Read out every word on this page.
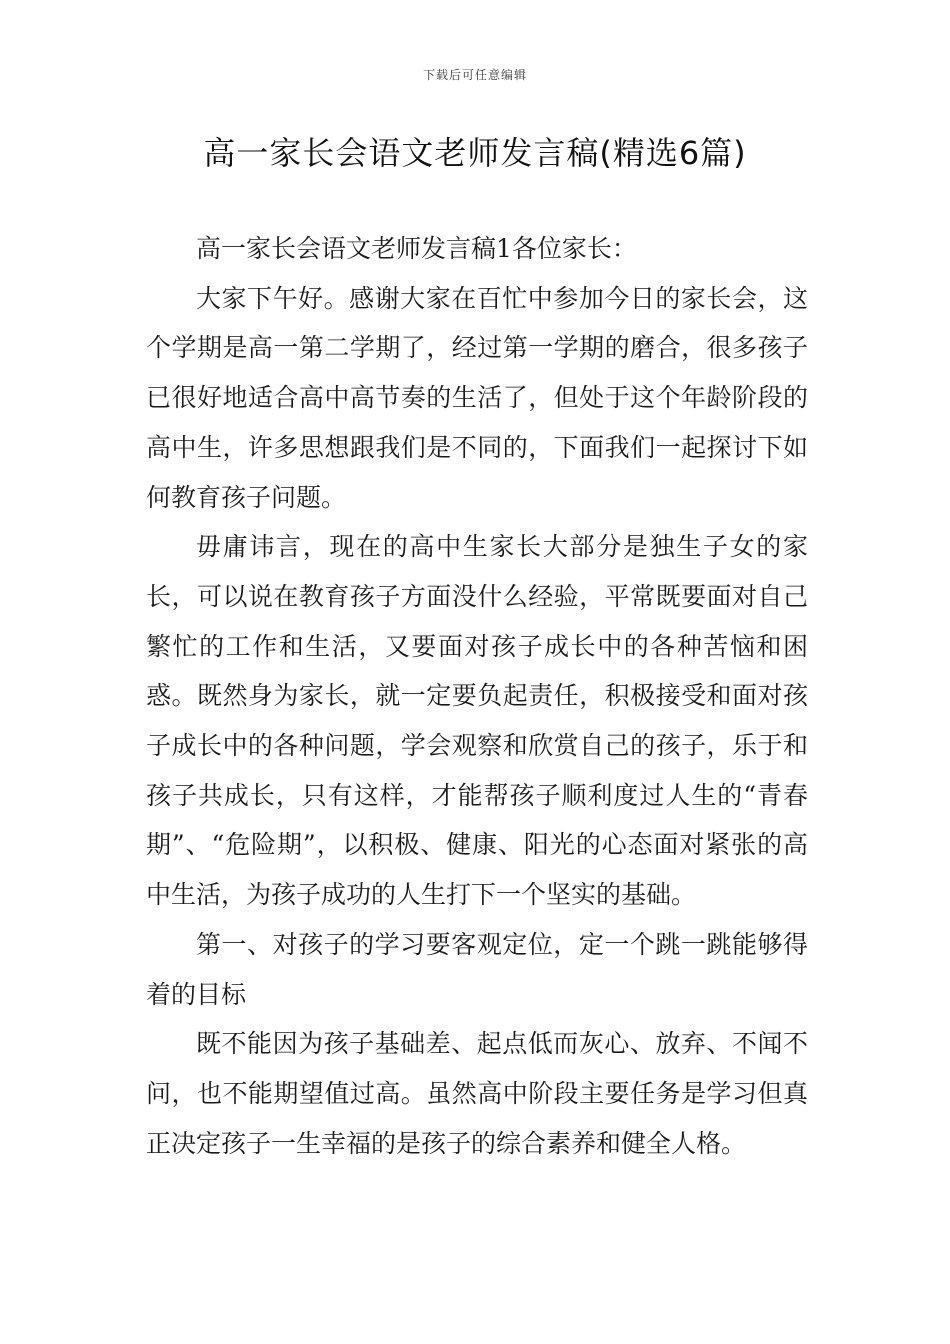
下载后可任意编辑
高一家长会语文老师发言稿(精选6篇)

高一家长会语文老师发言稿1各位家长：

大家下午好。感谢大家在百忙中参加今日的家长会，这个学期是高一第二学期了，经过第一学期的磨合，很多孩子已很好地适合高中高节奏的生活了，但处于这个年龄阶段的高中生，许多思想跟我们是不同的，下面我们一起探讨下如何教育孩子问题。

毋庸讳言，现在的高中生家长大部分是独生子女的家长，可以说在教育孩子方面没什么经验，平常既要面对自己繁忙的工作和生活，又要面对孩子成长中的各种苦恼和困惑。既然身为家长，就一定要负起责任，积极接受和面对孩子成长中的各种问题，学会观察和欣赏自己的孩子，乐于和孩子共成长，只有这样，才能帮孩子顺利度过人生的“青春期”、“危险期”，以积极、健康、阳光的心态面对紧张的高中生活，为孩子成功的人生打下一个坚实的基础。

第一、对孩子的学习要客观定位，定一个跳一跳能够得着的目标

既不能因为孩子基础差、起点低而灰心、放弃、不闻不问，也不能期望值过高。虽然高中阶段主要任务是学习但真正决定孩子一生幸福的是孩子的综合素养和健全人格。
